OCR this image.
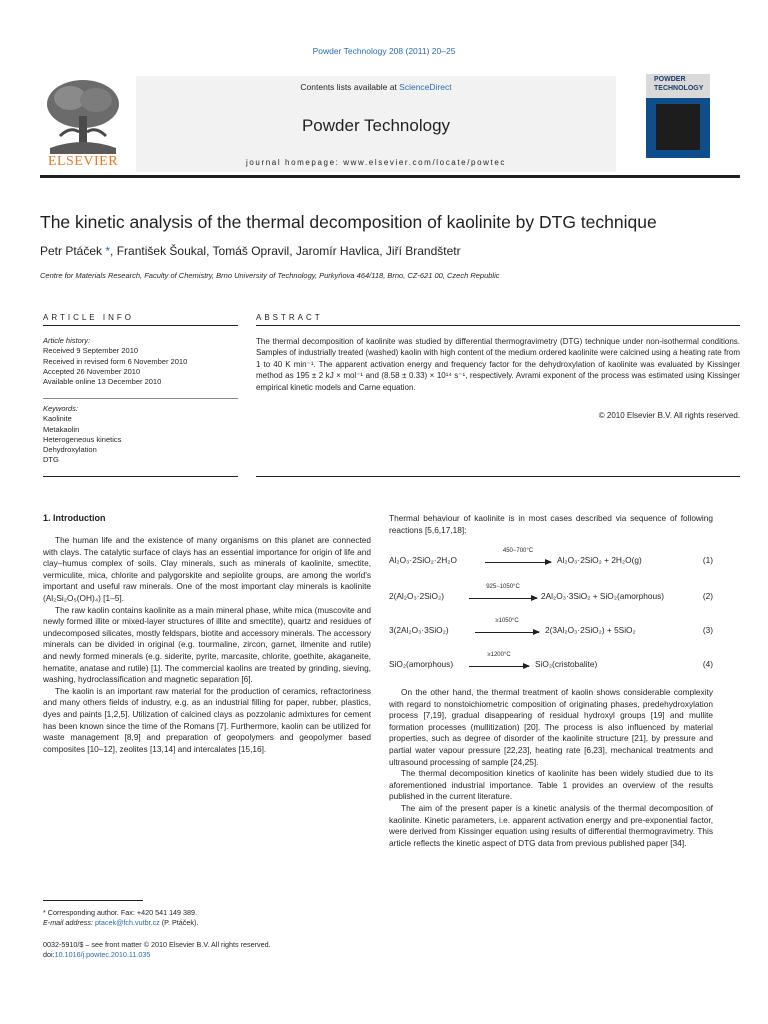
Powder Technology 208 (2011) 20–25
ELSEVIER
Contents lists available at ScienceDirect
Powder Technology
journal homepage: www.elsevier.com/locate/powtec
POWDER
TECHNOLOGY
The kinetic analysis of the thermal decomposition of kaolinite by DTG technique
Petr Ptáček *, František Šoukal, Tomáš Opravil, Jaromír Havlica, Jiří Brandštetr
Centre for Materials Research, Faculty of Chemistry, Brno University of Technology, Purkyňova 464/118, Brno, CZ-621 00, Czech Republic
ARTICLE INFO	ABSTRACT
Article history:
Received 9 September 2010
Received in revised form 6 November 2010
Accepted 26 November 2010
Available online 13 December 2010
Keywords:
Kaolinite
Metakaolin
Heterogeneous kinetics
Dehydroxylation
DTG
The thermal decomposition of kaolinite was studied by differential thermogravimetry (DTG) technique under non-isothermal conditions. Samples of industrially treated (washed) kaolin with high content of the medium ordered kaolinite were calcined using a heating rate from 1 to 40 K min⁻¹. The apparent activation energy and frequency factor for the dehydroxylation of kaolinite was evaluated by Kissinger method as 195 ± 2 kJ × mol⁻¹ and (8.58 ± 0.33) × 10¹⁴ s⁻¹, respectively. Avrami exponent of the process was estimated using Kissinger empirical kinetic models and Carne equation.
© 2010 Elsevier B.V. All rights reserved.
1. Introduction

The human life and the existence of many organisms on this planet are connected with clays. The catalytic surface of clays has an essential importance for origin of life and clay–humus complex of soils. Clay minerals, such as minerals of kaolinite, smectite, vermiculite, mica, chlorite and palygorskite and sepiolite groups, are among the world's important and useful raw minerals. One of the most important clay minerals is kaolinite (Al₂Si₂O₅(OH)₄) [1–5].

The raw kaolin contains kaolinite as a main mineral phase, white mica (muscovite and newly formed illite or mixed-layer structures of illite and smectite), quartz and residues of undecomposed silicates, mostly feldspars, biotite and accessory minerals. The accessory minerals can be divided in original (e.g. tourmaline, zircon, garnet, ilmenite and rutile) and newly formed minerals (e.g. siderite, pyrite, marcasite, chlorite, goethite, akaganeite, hematite, anatase and rutile) [1]. The commercial kaolins are treated by grinding, sieving, washing, hydroclassification and magnetic separation [6].

The kaolin is an important raw material for the production of ceramics, refractoriness and many others fields of industry, e.g. as an industrial filling for paper, rubber, plastics, dyes and paints [1,2,5]. Utilization of calcined clays as pozzolanic admixtures for cement has been known since the time of the Romans [7]. Furthermore, kaolin can be utilized for waste management [8,9] and preparation of geopolymers and geopolymer based composites [10–12], zeolites [13,14] and intercalates [15,16].

Thermal behaviour of kaolinite is in most cases described via sequence of following reactions [5,6,17,18]:
Al₂O₃·2SiO₂·2H₂O
450−700°C
Al₂O₃·2SiO₂ + 2H₂O(g)	(1)
2(Al₂O₃·2SiO₂)
925−1050°C
2Al₂O₃·3SiO₂ + SiO₂(amorphous)	(2)
3(2Al₂O₃·3SiO₂)
≥1050°C
2(3Al₂O₃·2SiO₂) + 5SiO₂	(3)
SiO₂(amorphous)
≥1200°C
SiO₂(cristobalite)	(4)

On the other hand, the thermal treatment of kaolin shows considerable complexity with regard to nonstoichiometric composition of originating phases, predehydroxylation process [7,19], gradual disappearing of residual hydroxyl groups [19] and mullite formation processes (mullitization) [20]. The process is also influenced by material properties, such as degree of disorder of the kaolinite structure [21], by pressure and partial water vapour pressure [22,23], heating rate [6,23], mechanical treatments and ultrasound processing of sample [24,25].

The thermal decomposition kinetics of kaolinite has been widely studied due to its aforementioned industrial importance. Table 1 provides an overview of the results published in the current literature.

The aim of the present paper is a kinetic analysis of the thermal decomposition of kaolinite. Kinetic parameters, i.e. apparent activation energy and pre-exponential factor, were derived from Kissinger equation using results of differential thermogravimetry. This article reflects the kinetic aspect of DTG data from previous published paper [34].

* Corresponding author. Fax: +420 541 149 389.
E-mail address: ptacek@fch.vutbr.cz (P. Ptáček).
0032-5910/$ – see front matter © 2010 Elsevier B.V. All rights reserved.
doi:10.1016/j.powtec.2010.11.035
